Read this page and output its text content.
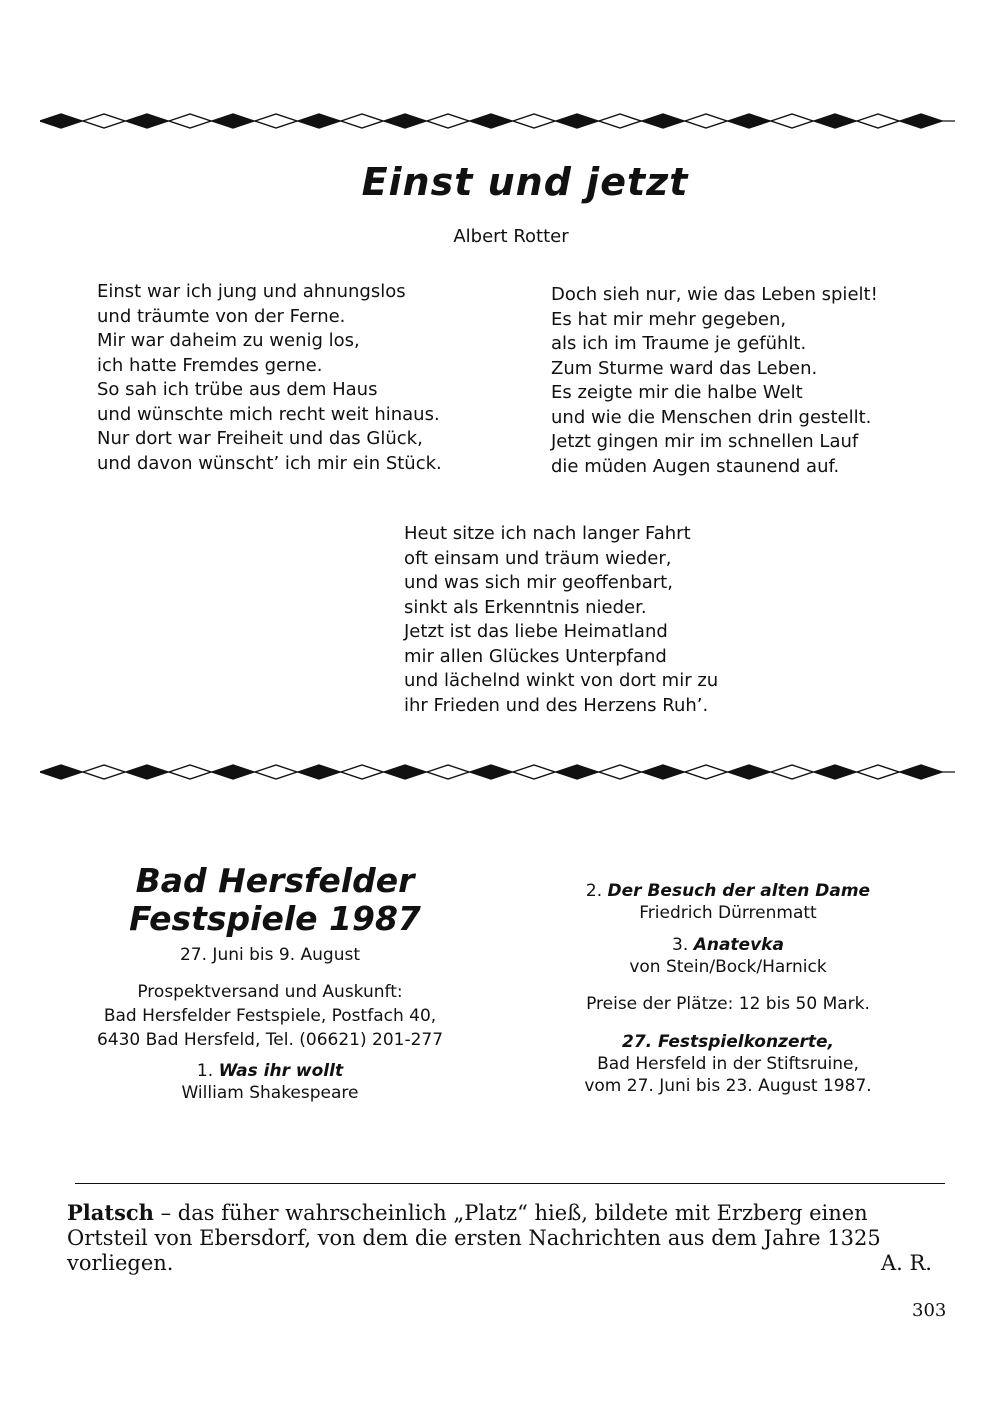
Einst und jetzt
Albert Rotter
Einst war ich jung und ahnungslos
und träumte von der Ferne.
Mir war daheim zu wenig los,
ich hatte Fremdes gerne.
So sah ich trübe aus dem Haus
und wünschte mich recht weit hinaus.
Nur dort war Freiheit und das Glück,
und davon wünscht’ ich mir ein Stück.
Doch sieh nur, wie das Leben spielt!
Es hat mir mehr gegeben,
als ich im Traume je gefühlt.
Zum Sturme ward das Leben.
Es zeigte mir die halbe Welt
und wie die Menschen drin gestellt.
Jetzt gingen mir im schnellen Lauf
die müden Augen staunend auf.
Heut sitze ich nach langer Fahrt
oft einsam und träum wieder,
und was sich mir geoffenbart,
sinkt als Erkenntnis nieder.
Jetzt ist das liebe Heimatland
mir allen Glückes Unterpfand
und lächelnd winkt von dort mir zu
ihr Frieden und des Herzens Ruh’.
Bad Hersfelder
Festspiele 1987
27. Juni bis 9. August
Prospektversand und Auskunft:
Bad Hersfelder Festspiele, Postfach 40,
6430 Bad Hersfeld, Tel. (06621) 201-277
1. Was ihr wollt
William Shakespeare
2. Der Besuch der alten Dame
Friedrich Dürrenmatt
3. Anatevka
von Stein/Bock/Harnick
Preise der Plätze: 12 bis 50 Mark.
27. Festspielkonzerte,
Bad Hersfeld in der Stiftsruine,
vom 27. Juni bis 23. August 1987.
Platsch – das füher wahrscheinlich „Platz“ hieß, bildete mit Erzberg einen
Ortsteil von Ebersdorf, von dem die ersten Nachrichten aus dem Jahre 1325
vorliegen.	A. R.
303
